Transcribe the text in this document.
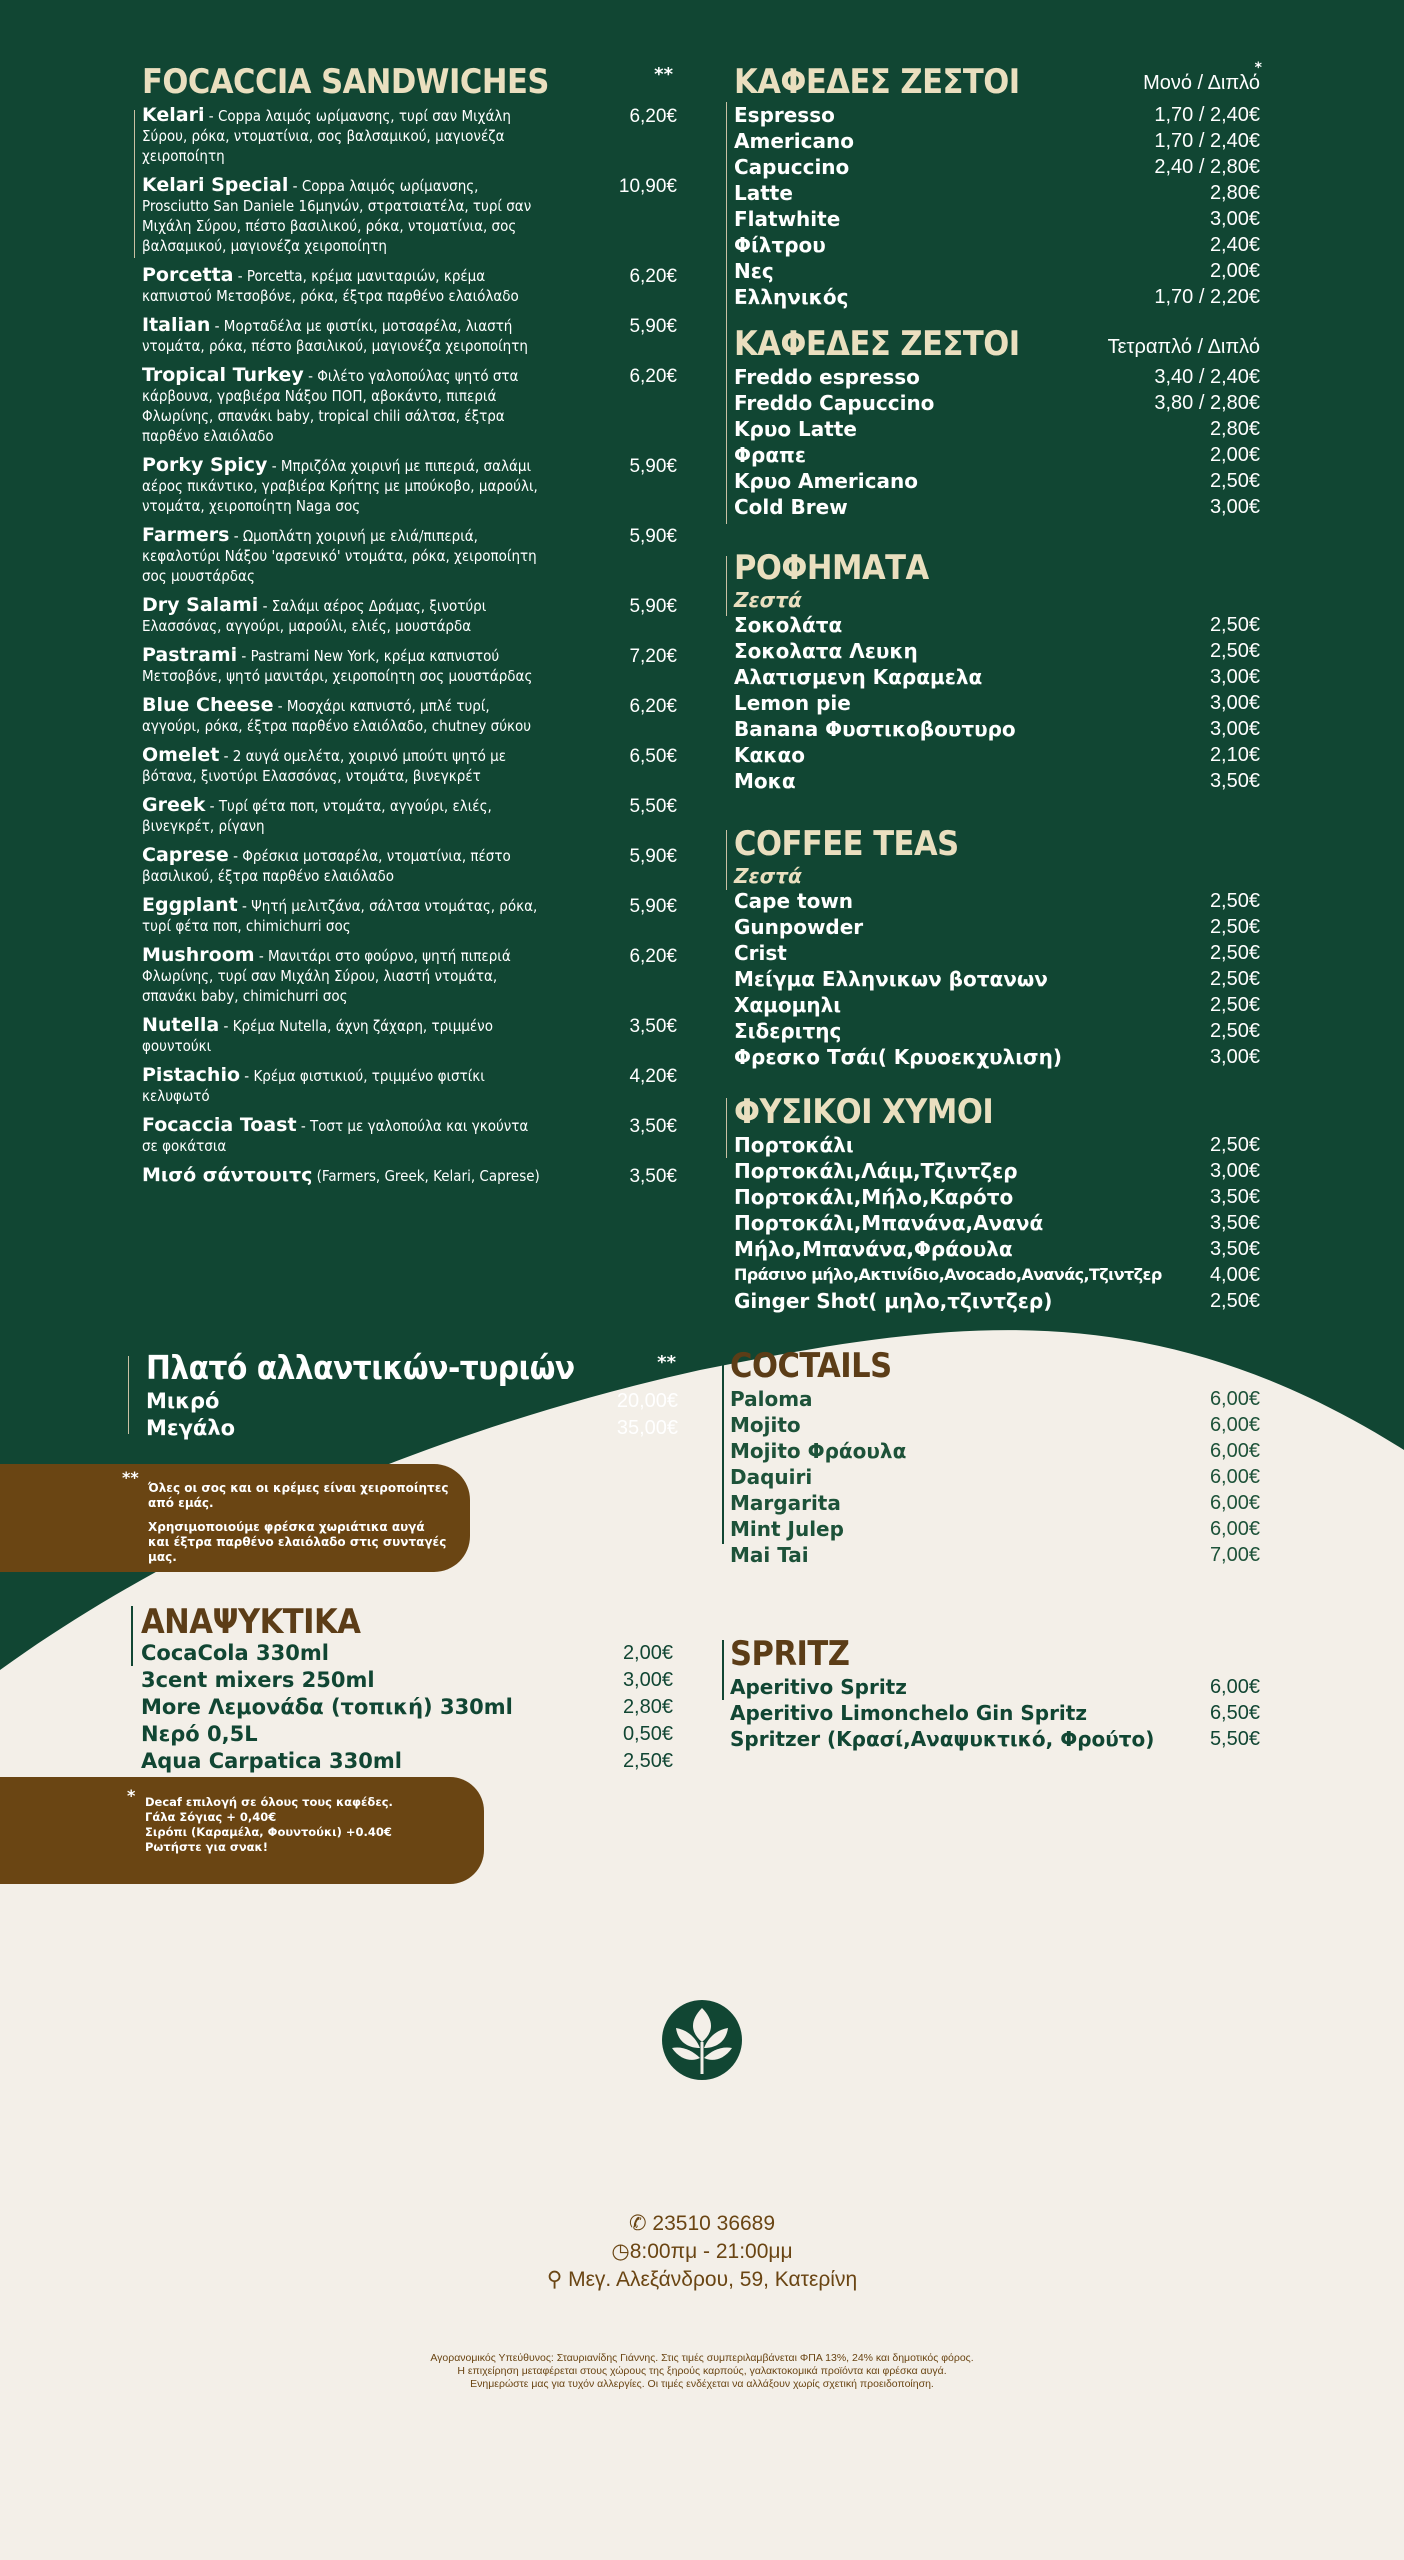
FOCACCIA SANDWICHES	**
Kelari - Coppa λαιμός ωρίμανσης, τυρί σαν Μιχάλη Σύρου, ρόκα, ντοματίνια, σος βαλσαμικού, μαγιονέζα χειροποίητη
6,20€
Kelari Special - Coppa λαιμός ωρίμανσης, Prosciutto San Daniele 16μηνών, στρατσιατέλα, τυρί σαν Μιχάλη Σύρου, πέστο βασιλικού, ρόκα, ντοματίνια, σος βαλσαμικού, μαγιονέζα χειροποίητη
10,90€
Porcetta - Porcetta, κρέμα μανιταριών, κρέμα καπνιστού Μετσοβόνε, ρόκα, έξτρα παρθένο ελαιόλαδο
6,20€
Italian - Μορταδέλα με φιστίκι, μοτσαρέλα, λιαστή ντομάτα, ρόκα, πέστο βασιλικού, μαγιονέζα χειροποίητη
5,90€
Tropical Turkey - Φιλέτο γαλοπούλας ψητό στα κάρβουνα, γραβιέρα Νάξου ΠΟΠ, αβοκάντο, πιπεριά Φλωρίνης, σπανάκι baby, tropical chili σάλτσα, έξτρα παρθένο ελαιόλαδο
6,20€
Porky Spicy - Μπριζόλα χοιρινή με πιπεριά, σαλάμι αέρος πικάντικο, γραβιέρα Κρήτης με μπούκοβο, μαρούλι, ντομάτα, χειροποίητη Naga σος
5,90€
Farmers - Ωμοπλάτη χοιρινή με ελιά/πιπεριά, κεφαλοτύρι Νάξου 'αρσενικό' ντομάτα, ρόκα, χειροποίητη σος μουστάρδας
5,90€
Dry Salami - Σαλάμι αέρος Δράμας, ξινοτύρι Ελασσόνας, αγγούρι, μαρούλι, ελιές, μουστάρδα
5,90€
Pastrami - Pastrami New York, κρέμα καπνιστού Μετσοβόνε, ψητό μανιτάρι, χειροποίητη σος μουστάρδας
7,20€
Blue Cheese - Μοσχάρι καπνιστό, μπλέ τυρί, αγγούρι, ρόκα, έξτρα παρθένο ελαιόλαδο, chutney σύκου
6,20€
Omelet - 2 αυγά ομελέτα, χοιρινό μπούτι ψητό με βότανα, ξινοτύρι Ελασσόνας, ντομάτα, βινεγκρέτ
6,50€
Greek - Τυρί φέτα ποπ, ντομάτα, αγγούρι, ελιές, βινεγκρέτ, ρίγανη
5,50€
Caprese - Φρέσκια μοτσαρέλα, ντοματίνια, πέστο βασιλικού, έξτρα παρθένο ελαιόλαδο
5,90€
Eggplant - Ψητή μελιτζάνα, σάλτσα ντομάτας, ρόκα, τυρί φέτα ποπ, chimichurri σος
5,90€
Mushroom - Μανιτάρι στο φούρνο, ψητή πιπεριά Φλωρίνης, τυρί σαν Μιχάλη Σύρου, λιαστή ντομάτα, σπανάκι baby, chimichurri σος
6,20€
Nutella - Κρέμα Nutella, άχνη ζάχαρη, τριμμένο φουντούκι
3,50€
Pistachio - Κρέμα φιστικιού, τριμμένο φιστίκι κελυφωτό
4,20€
Focaccia Toast - Τοστ με γαλοπούλα και γκούντα σε φοκάτσια
3,50€
Μισό σάντουιτς (Farmers, Greek, Kelari, Caprese)	3,50€
Πλατό αλλαντικών-τυριών	**
Μικρό	20,00€
Μεγάλο	35,00€
**
Όλες οι σος και οι κρέμες είναι χειροποίητες
από εμάς.
Χρησιμοποιούμε φρέσκα χωριάτικα αυγά
και έξτρα παρθένο ελαιόλαδο στις συνταγές μας.
ΑΝΑΨΥΚΤΙΚΑ
CocaCola 330ml	2,00€
3cent mixers 250ml	3,00€
More Λεμονάδα (τοπική) 330ml	2,80€
Νερό 0,5L	0,50€
Aqua Carpatica 330ml	2,50€
* Decaf επιλογή σε όλους τους καφέδες.
Γάλα Σόγιας + 0,40€
Σιρόπι (Καραμέλα, Φουντούκι) +0.40€
Ρωτήστε για σνακ!
ΚΑΦΕΔΕΣ ΖΕΣΤΟΙ	Μονό / Διπλό
*
Espresso	1,70 / 2,40€
Americano	1,70 / 2,40€
Capuccino	2,40 / 2,80€
Latte	2,80€
Flatwhite	3,00€
Φίλτρου	2,40€
Νες	2,00€
Ελληνικός	1,70 / 2,20€
ΚΑΦΕΔΕΣ ΖΕΣΤΟΙ	Τετραπλό / Διπλό
Freddo espresso	3,40 / 2,40€
Freddo Capuccino	3,80 / 2,80€
Κρυο Latte	2,80€
Φραπε	2,00€
Κρυο Americano	2,50€
Cold Brew	3,00€
ΡΟΦΗΜΑΤΑ
Ζεστά
Σοκολάτα	2,50€
Σοκολατα Λευκη	2,50€
Αλατισμενη Καραμελα	3,00€
Lemon pie	3,00€
Banana Φυστικοβουτυρο	3,00€
Κακαο	2,10€
Μοκα	3,50€
COFFEE TEAS
Ζεστά
Cape town	2,50€
Gunpowder	2,50€
Crist	2,50€
Μείγμα Ελληνικων βοτανων	2,50€
Χαμομηλι	2,50€
Σιδεριτης	2,50€
Φρεσκο Τσάι( Κρυοεκχυλιση)	3,00€
ΦΥΣΙΚΟΙ ΧΥΜΟΙ
Πορτοκάλι	2,50€
Πορτοκάλι,Λάιμ,Τζιντζερ	3,00€
Πορτοκάλι,Μήλο,Καρότο	3,50€
Πορτοκάλι,Μπανάνα,Ανανά	3,50€
Μήλο,Μπανάνα,Φράουλα	3,50€
Πράσινο μήλο,Ακτινίδιο,Avocado,Ανανάς,Τζιντζερ 4,00€
Ginger Shot( μηλο,τζιντζερ)	2,50€
COCTAILS
Paloma	6,00€
Mojito	6,00€
Mojito Φράουλα	6,00€
Daquiri	6,00€
Margarita	6,00€
Mint Julep	6,00€
Mai Tai	7,00€
SPRITZ
Aperitivo Spritz	6,00€
Aperitivo Limonchelo Gin Spritz	6,50€
Spritzer (Κρασί,Αναψυκτικό, Φρούτο)	5,50€
✆ 23510 36689
◷8:00πμ - 21:00μμ
⚲ Μεγ. Αλεξάνδρου, 59, Κατερίνη
Αγορανομικός Υπεύθυνος: Σταυριανίδης Γιάννης. Στις τιμές συμπεριλαμβάνεται ΦΠΑ 13%, 24% και δημοτικός φόρος.
Η επιχείρηση μεταφέρεται στους χώρους της ξηρούς καρπούς, γαλακτοκομικά προϊόντα και φρέσκα αυγά.
Ενημερώστε μας για τυχόν αλλεργίες. Οι τιμές ενδέχεται να αλλάξουν χωρίς σχετική προειδοποίηση.
